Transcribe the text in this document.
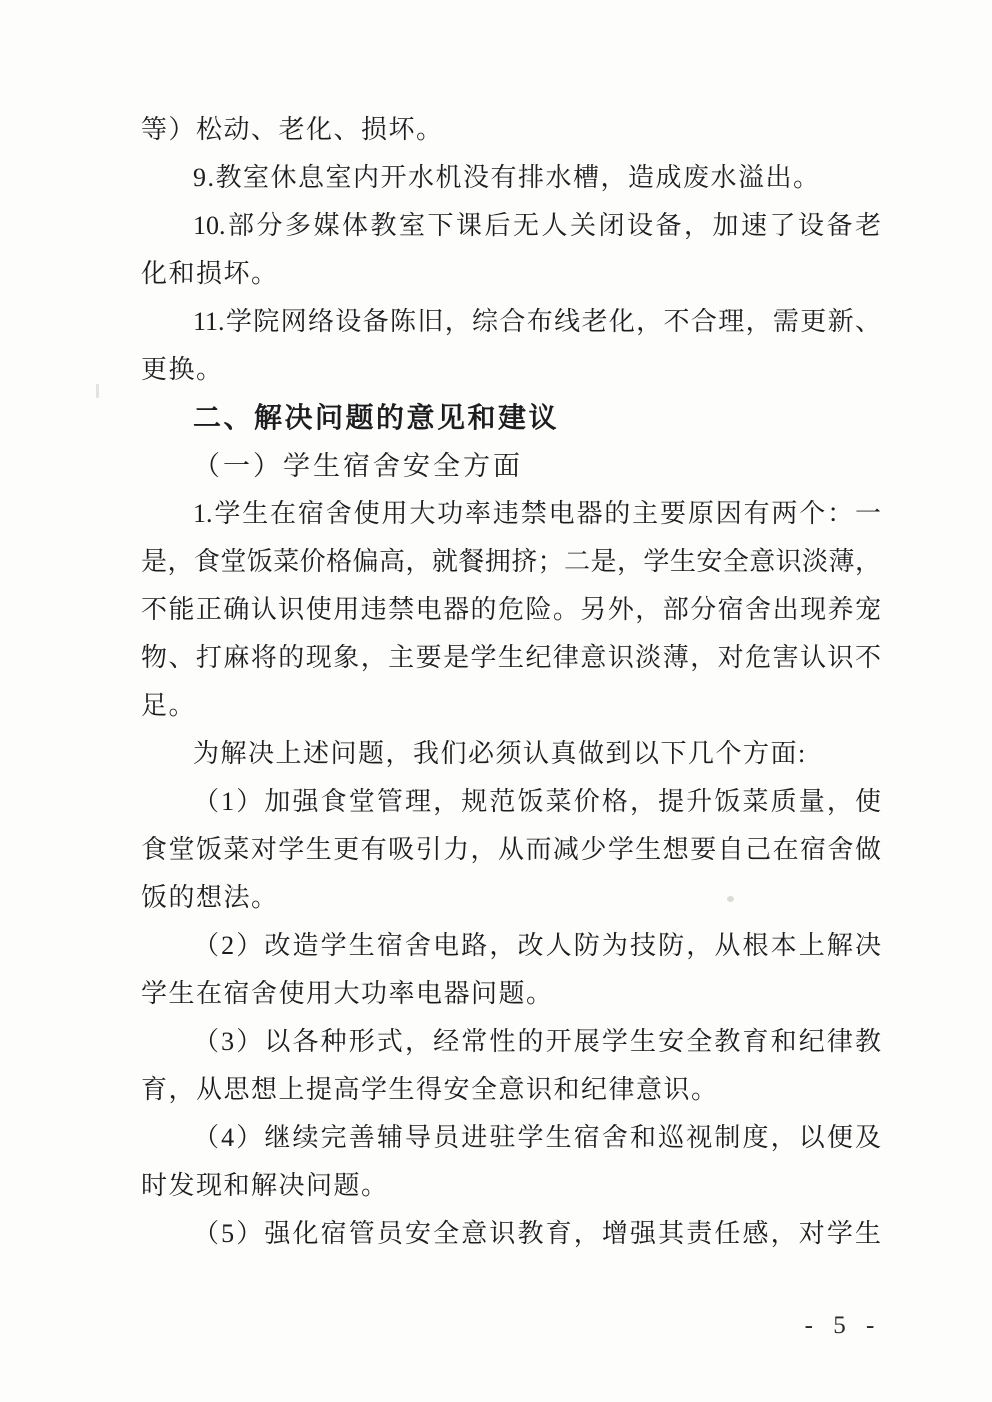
等）松动、老化、损坏。
9.教室休息室内开水机没有排水槽，造成废水溢出。
10.部分多媒体教室下课后无人关闭设备，加速了设备老
化和损坏。
11.学院网络设备陈旧，综合布线老化，不合理，需更新、
更换。
二、解决问题的意见和建议
（一）学生宿舍安全方面
1.学生在宿舍使用大功率违禁电器的主要原因有两个：一
是，食堂饭菜价格偏高，就餐拥挤；二是，学生安全意识淡薄，
不能正确认识使用违禁电器的危险。另外，部分宿舍出现养宠
物、打麻将的现象，主要是学生纪律意识淡薄，对危害认识不
足。
为解决上述问题，我们必须认真做到以下几个方面:
（1）加强食堂管理，规范饭菜价格，提升饭菜质量，使
食堂饭菜对学生更有吸引力，从而减少学生想要自己在宿舍做
饭的想法。
（2）改造学生宿舍电路，改人防为技防，从根本上解决
学生在宿舍使用大功率电器问题。
（3）以各种形式，经常性的开展学生安全教育和纪律教
育，从思想上提高学生得安全意识和纪律意识。
（4）继续完善辅导员进驻学生宿舍和巡视制度，以便及
时发现和解决问题。
（5）强化宿管员安全意识教育，增强其责任感，对学生
- 5 -
